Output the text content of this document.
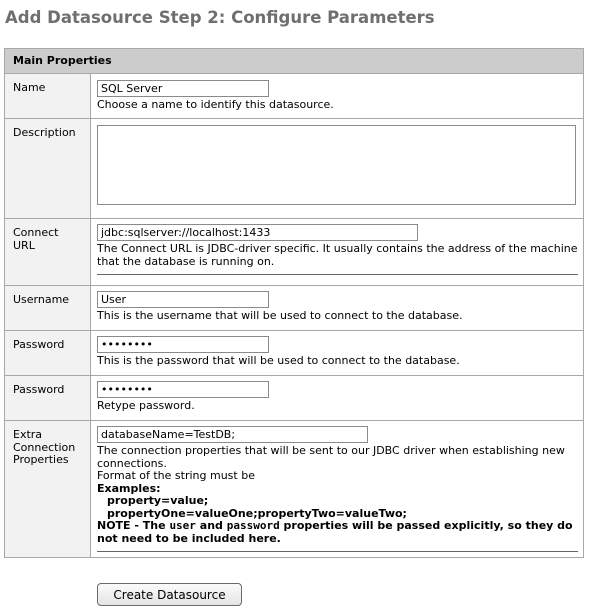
Add Datasource Step 2: Configure Parameters
Main Properties
Name
SQL Server
Choose a name to identify this datasource.
Description
Connect
URL
jdbc:sqlserver://localhost:1433	The Connect URL is JDBC-driver specific. It usually contains the address of the machine that the database is running on.
Username
User
This is the username that will be used to connect to the database.
Password
••••••••
This is the password that will be used to connect to the database.
Password
••••••••
Retype password.
Extra
Connection
Properties
databaseName=TestDB;
The connection properties that will be sent to our JDBC driver when establishing new connections.
Format of the string must be
Examples:
property=value;
propertyOne=valueOne;propertyTwo=valueTwo;
NOTE - The user and password properties will be passed explicitly, so they do not need to be included here.
Create Datasource
